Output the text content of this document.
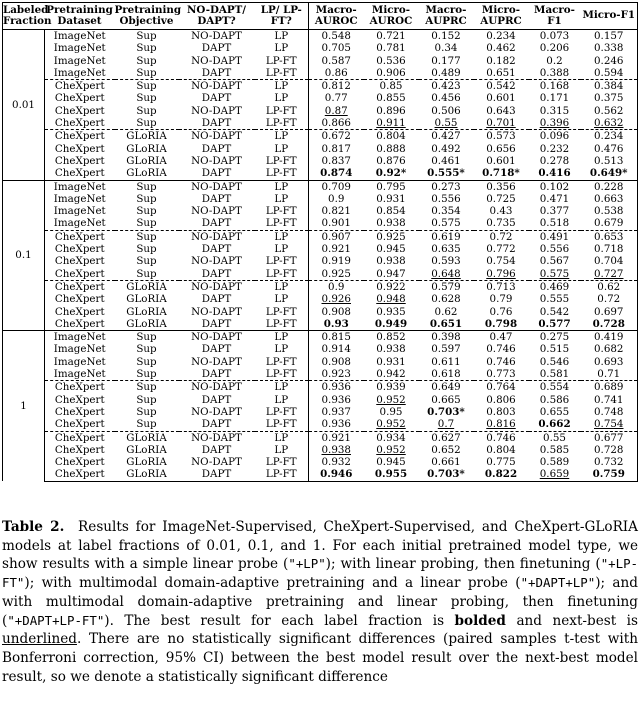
Labeled Fraction	Pretraining Dataset	Pretraining Objective	NO-DAPT/ DAPT?	LP/ LP-FT?	Macro-AUROC	Micro-AUROC	Macro-AUPRC	Micro-AUPRC	Macro-F1	Micro-F1
0.01	ImageNet	Sup	NO-DAPT	LP	0.548	0.721	0.152	0.234	0.073	0.157
	ImageNet	Sup	DAPT	LP	0.705	0.781	0.34	0.462	0.206	0.338
	ImageNet	Sup	NO-DAPT	LP-FT	0.587	0.536	0.177	0.182	0.2	0.246
	ImageNet	Sup	DAPT	LP-FT	0.86	0.906	0.489	0.651	0.388	0.594
	CheXpert	Sup	NO-DAPT	LP	0.812	0.85	0.423	0.542	0.168	0.384
	CheXpert	Sup	DAPT	LP	0.77	0.855	0.456	0.601	0.171	0.375
	CheXpert	Sup	NO-DAPT	LP-FT	0.87	0.896	0.506	0.643	0.315	0.562
	CheXpert	Sup	DAPT	LP-FT	0.866	0.911	0.55	0.701	0.396	0.632
	CheXpert	GLoRIA	NO-DAPT	LP	0.672	0.804	0.427	0.573	0.096	0.234
	CheXpert	GLoRIA	DAPT	LP	0.817	0.888	0.492	0.656	0.232	0.476
	CheXpert	GLoRIA	NO-DAPT	LP-FT	0.837	0.876	0.461	0.601	0.278	0.513
	CheXpert	GLoRIA	DAPT	LP-FT	0.874	0.92*	0.555*	0.718*	0.416	0.649*
0.1	ImageNet	Sup	NO-DAPT	LP	0.709	0.795	0.273	0.356	0.102	0.228
	ImageNet	Sup	DAPT	LP	0.9	0.931	0.556	0.725	0.471	0.663
	ImageNet	Sup	NO-DAPT	LP-FT	0.821	0.854	0.354	0.43	0.377	0.538
	ImageNet	Sup	DAPT	LP-FT	0.901	0.938	0.575	0.735	0.518	0.679
	CheXpert	Sup	NO-DAPT	LP	0.907	0.925	0.619	0.72	0.491	0.653
	CheXpert	Sup	DAPT	LP	0.921	0.945	0.635	0.772	0.556	0.718
	CheXpert	Sup	NO-DAPT	LP-FT	0.919	0.938	0.593	0.754	0.567	0.704
	CheXpert	Sup	DAPT	LP-FT	0.925	0.947	0.648	0.796	0.575	0.727
	CheXpert	GLoRIA	NO-DAPT	LP	0.9	0.922	0.579	0.713	0.469	0.62
	CheXpert	GLoRIA	DAPT	LP	0.926	0.948	0.628	0.79	0.555	0.72
	CheXpert	GLoRIA	NO-DAPT	LP-FT	0.908	0.935	0.62	0.76	0.542	0.697
	CheXpert	GLoRIA	DAPT	LP-FT	0.93	0.949	0.651	0.798	0.577	0.728
1	ImageNet	Sup	NO-DAPT	LP	0.815	0.852	0.398	0.47	0.275	0.419
	ImageNet	Sup	DAPT	LP	0.914	0.938	0.597	0.746	0.515	0.682
	ImageNet	Sup	NO-DAPT	LP-FT	0.908	0.931	0.611	0.746	0.546	0.693
	ImageNet	Sup	DAPT	LP-FT	0.923	0.942	0.618	0.773	0.581	0.71
	CheXpert	Sup	NO-DAPT	LP	0.936	0.939	0.649	0.764	0.554	0.689
	CheXpert	Sup	DAPT	LP	0.936	0.952	0.665	0.806	0.586	0.741
	CheXpert	Sup	NO-DAPT	LP-FT	0.937	0.95	0.703*	0.803	0.655	0.748
	CheXpert	Sup	DAPT	LP-FT	0.936	0.952	0.7	0.816	0.662	0.754
	CheXpert	GLoRIA	NO-DAPT	LP	0.921	0.934	0.627	0.746	0.55	0.677
	CheXpert	GLoRIA	DAPT	LP	0.938	0.952	0.652	0.804	0.585	0.728
	CheXpert	GLoRIA	NO-DAPT	LP-FT	0.932	0.945	0.661	0.775	0.589	0.732
	CheXpert	GLoRIA	DAPT	LP-FT	0.946	0.955	0.703*	0.822	0.659	0.759
Table 2. Results for ImageNet-Supervised, CheXpert-Supervised, and CheXpert-GLoRIA models at label fractions of 0.01, 0.1, and 1. For each initial pretrained model type, we show results with a simple linear probe ("+LP"); with linear probing, then finetuning ("+LP-FT"); with multimodal domain-adaptive pretraining and a linear probe ("+DAPT+LP"); and with multimodal domain-adaptive pretraining and linear probing, then finetuning ("+DAPT+LP-FT"). The best result for each label fraction is bolded and next-best is underlined. There are no statistically significant differences (paired samples t-test with Bonferroni correction, 95% CI) between the best model result over the next-best model result, so we denote a statistically significant difference
